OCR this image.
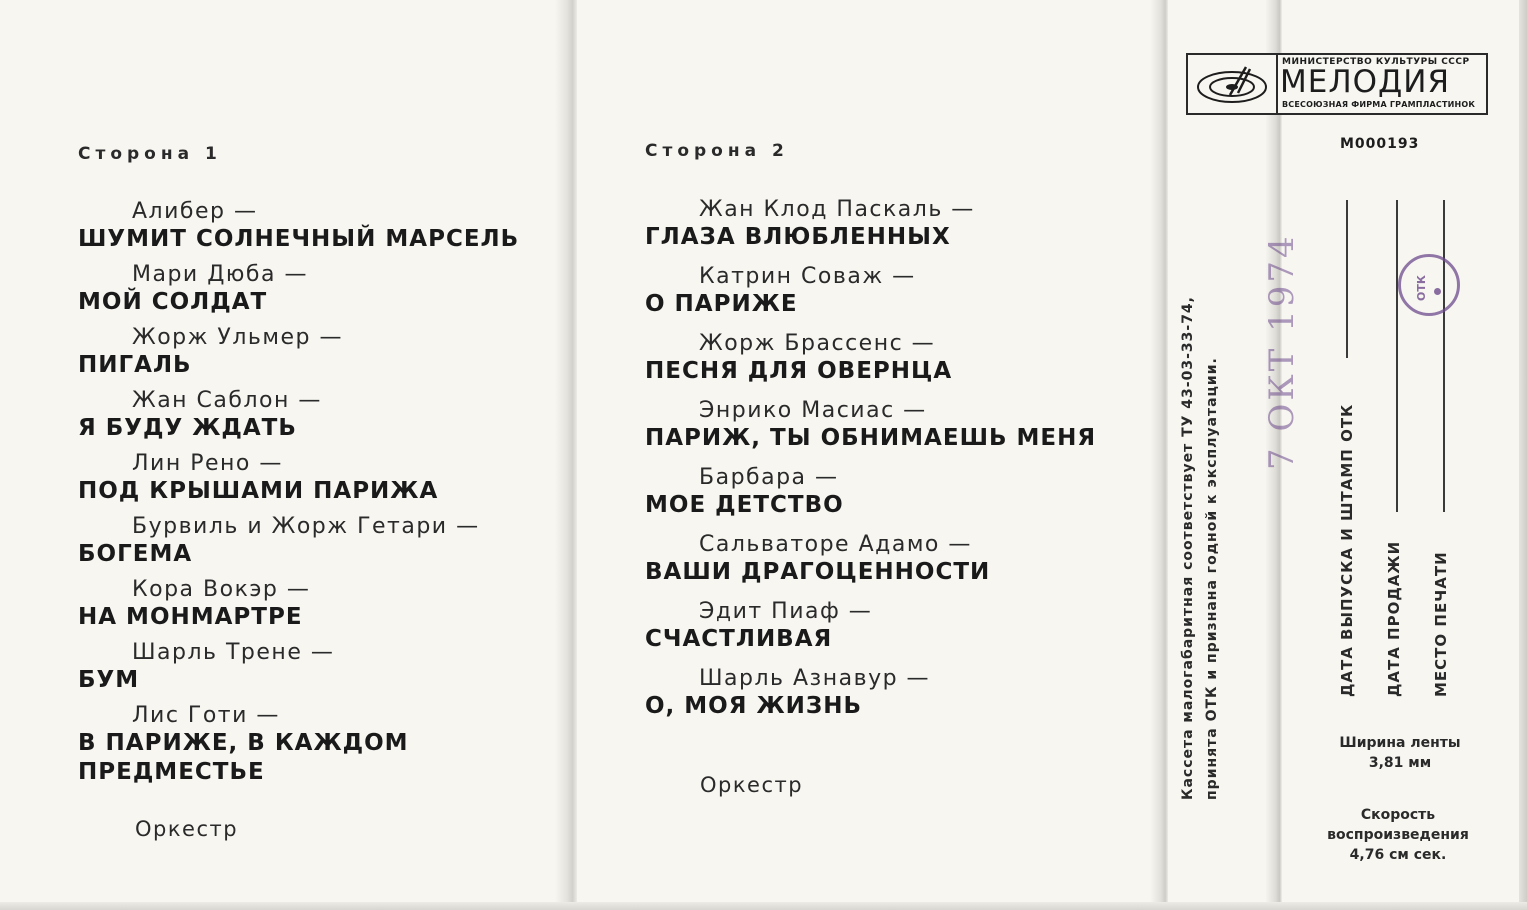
Сторона 1
Алибер —
ШУМИТ СОЛНЕЧНЫЙ МАРСЕЛЬ
Мари Дюба —
МОЙ СОЛДАТ
Жорж Ульмер —
ПИГАЛЬ
Жан Саблон —
Я БУДУ ЖДАТЬ
Лин Рено —
ПОД КРЫШАМИ ПАРИЖА
Бурвиль и Жорж Гетари —
БОГЕМА
Кора Вокэр —
НА МОНМАРТРЕ
Шарль Трене —
БУМ
Лис Готи —
В ПАРИЖЕ, В КАЖДОМ
ПРЕДМЕСТЬЕ
Оркестр
Сторона 2
Жан Клод Паскаль —
ГЛАЗА ВЛЮБЛЕННЫХ
Катрин Соваж —
О ПАРИЖЕ
Жорж Брассенс —
ПЕСНЯ ДЛЯ ОВЕРНЦА
Энрико Масиас —
ПАРИЖ, ТЫ ОБНИМАЕШЬ МЕНЯ
Барбара —
МОЕ ДЕТСТВО
Сальваторе Адамо —
ВАШИ ДРАГОЦЕННОСТИ
Эдит Пиаф —
СЧАСТЛИВАЯ
Шарль Азнавур —
О, МОЯ ЖИЗНЬ
Оркестр	Кассета малогабаритная соответствует ТУ 43-03-33-74, принята ОТК и признана годной к эксплуатации.
МИНИСТЕРСТВО КУЛЬТУРЫ СССР
МЕЛОДИЯ
ВСЕСОЮЗНАЯ ФИРМА ГРАМПЛАСТИНОК
М000193
ДАТА ВЫПУСКА И ШТАМП ОТК ДАТА ПРОДАЖИ МЕСТО ПЕЧАТИ
Ширина ленты
3,81 мм
Скорость
воспроизведения
4,76 см сек.
7 ОКТ 1974	ОТК
